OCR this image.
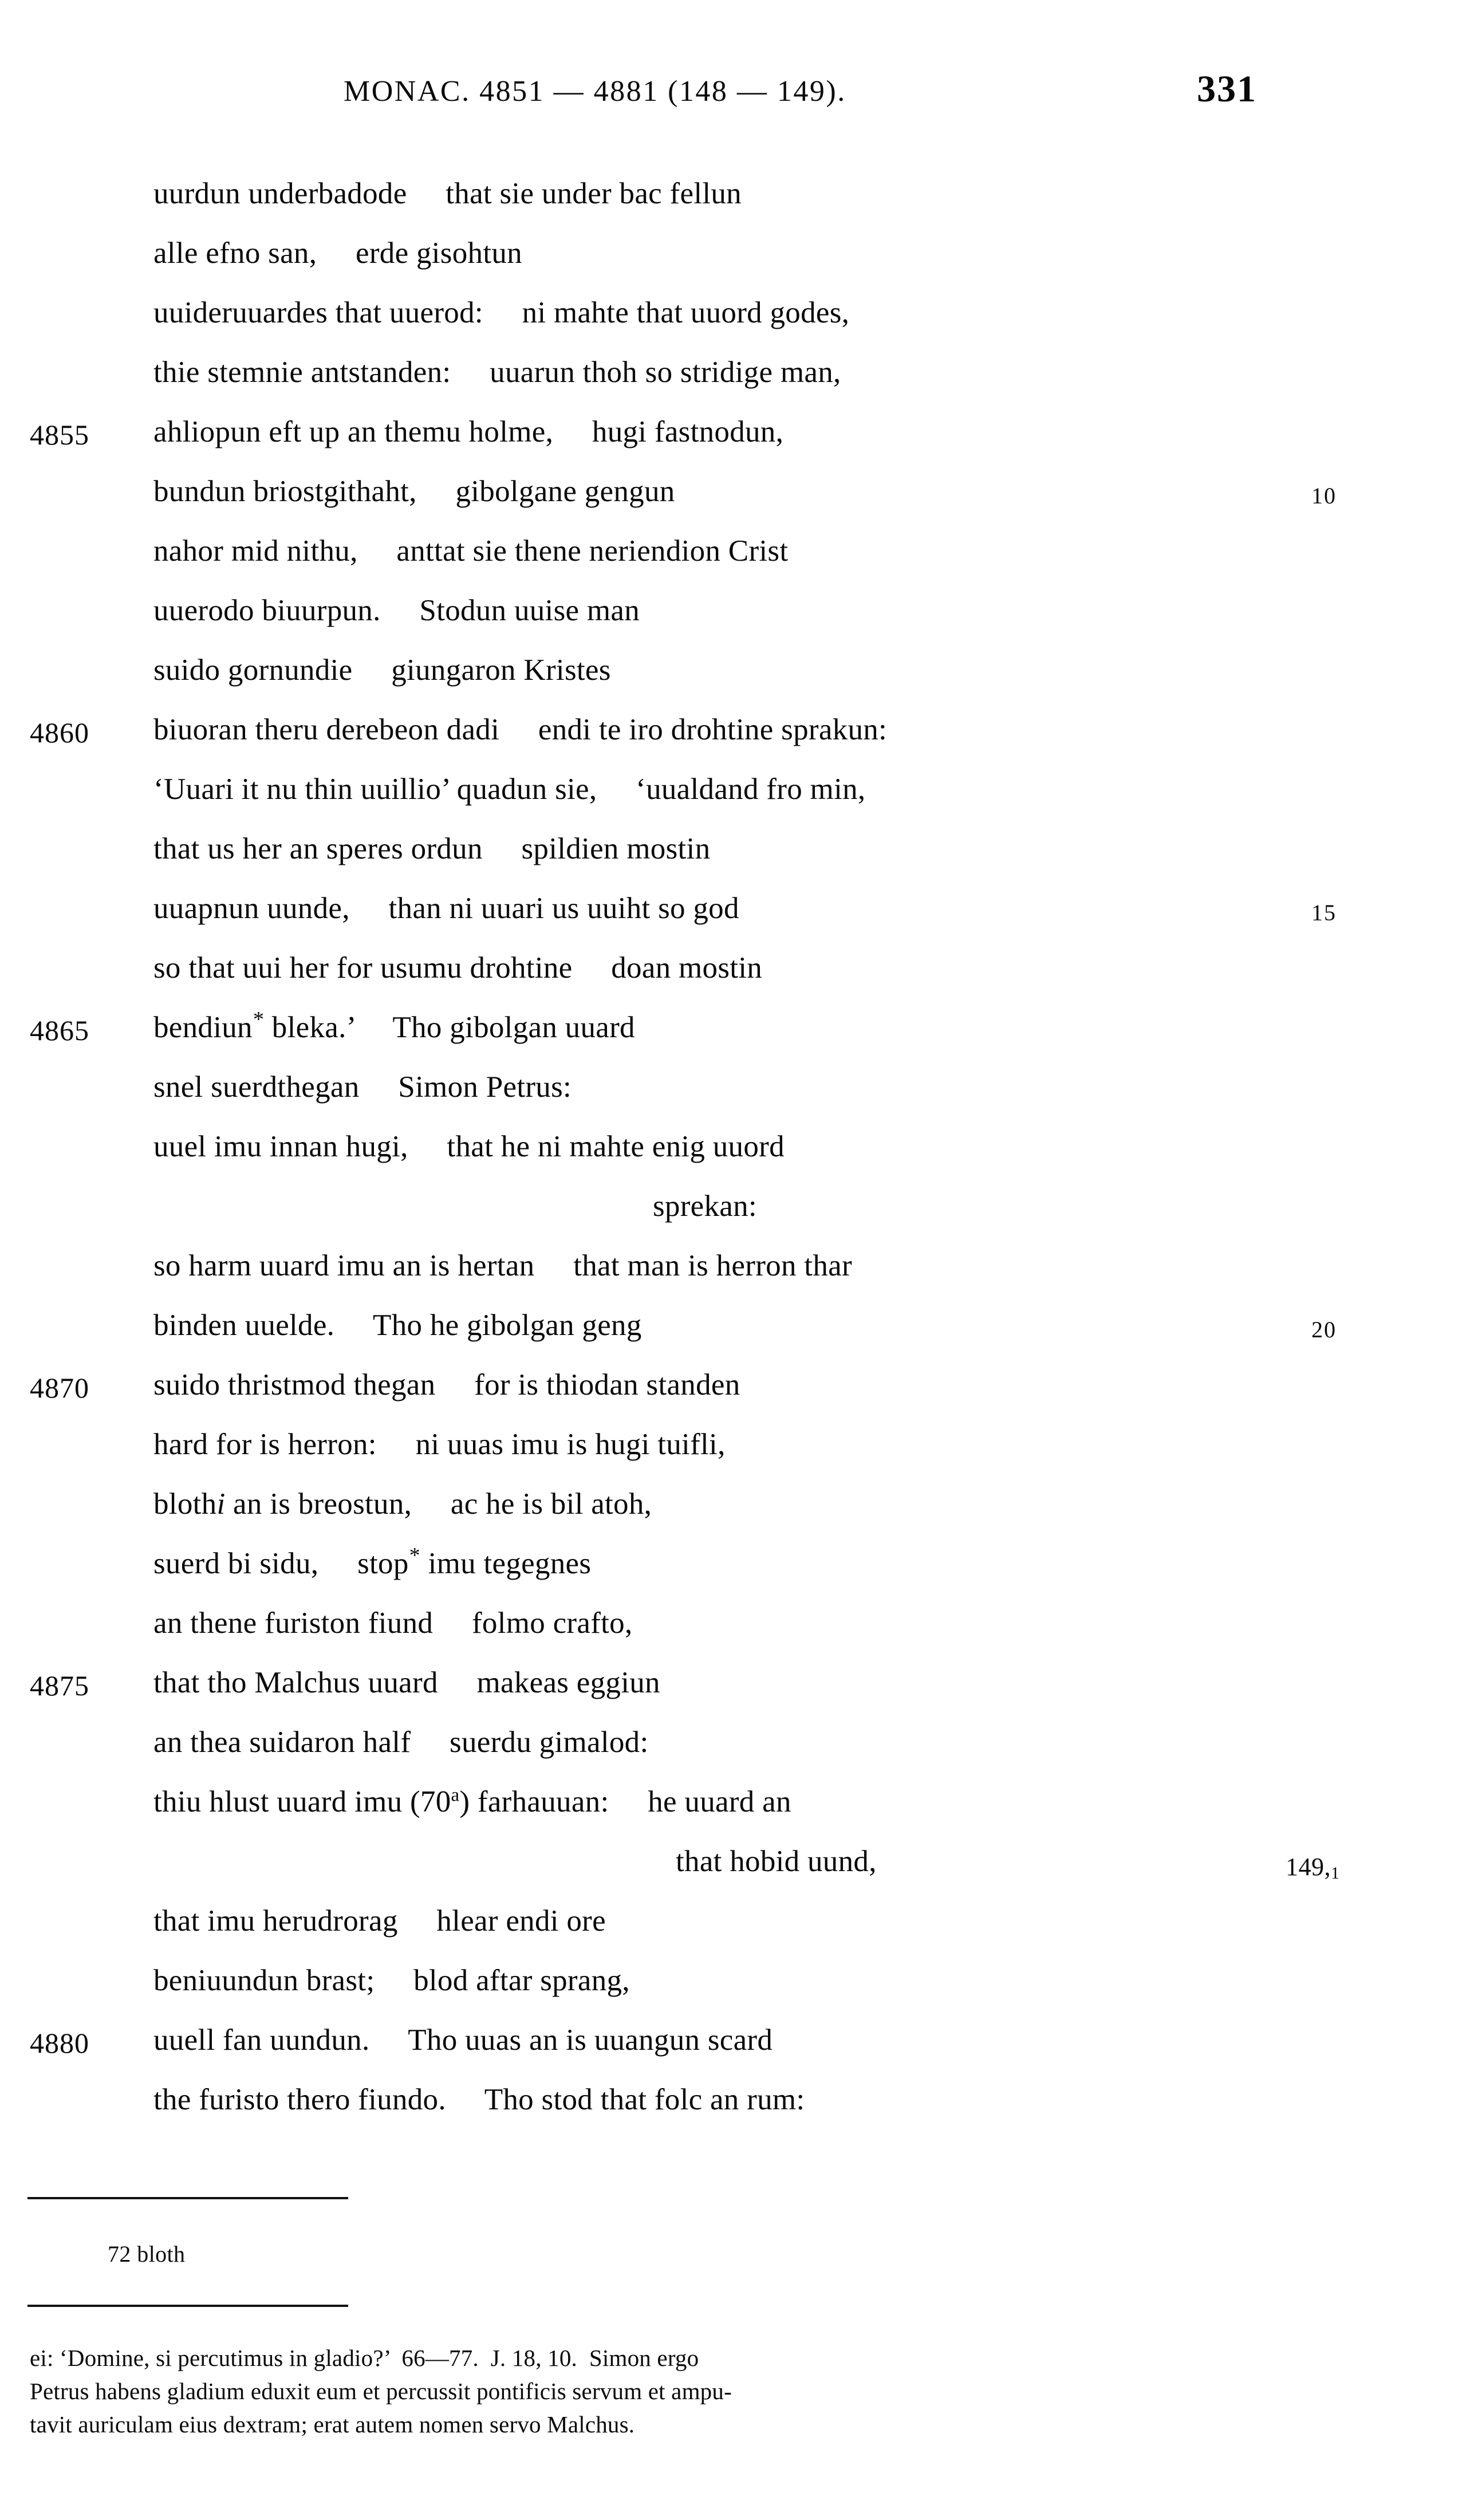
MONAC. 4851 — 4881 (148 — 149).	331
uurdun underbadode     that sie under bac fellun
alle efno san,     erde gisohtun
uuideruuardes that uuerod:     ni mahte that uuord godes,
thie stemnie antstanden:     uuarun thoh so stridige man,
4855 ahliopun eft up an themu holme,     hugi fastnodun,
bundun briostgithaht,     gibolgane gengun	10
nahor mid nithu,     anttat sie thene neriendion Crist
uuerodo biuurpun.     Stodun uuise man
suido gornundie     giungaron Kristes
4860 biuoran theru derebeon dadi     endi te iro drohtine sprakun:
‘Uuari it nu thin uuillio’ quadun sie,     ‘uualdand fro min,
that us her an speres ordun     spildien mostin
uuapnun uunde,     than ni uuari us uuiht so god	15
so that uui her for usumu drohtine     doan mostin
4865 bendiun* bleka.’     Tho gibolgan uuard
snel suerdthegan     Simon Petrus:
uuel imu innan hugi,     that he ni mahte enig uuord
sprekan:
so harm uuard imu an is hertan     that man is herron thar
binden uuelde.     Tho he gibolgan geng	20
4870 suido thristmod thegan     for is thiodan standen
hard for is herron:     ni uuas imu is hugi tuifli,
blothi an is breostun,     ac he is bil atoh,
suerd bi sidu,     stop* imu tegegnes
an thene furiston fiund     folmo crafto,
4875 that tho Malchus uuard     makeas eggiun
an thea suidaron half     suerdu gimalod:
thiu hlust uuard imu (70$^a$) farhauuan:     he uuard an
that hobid uund,	149,1
that imu herudrorag     hlear endi ore
beniuundun brast;     blod aftar sprang,
4880 uuell fan uundun.     Tho uuas an is uuangun scard
the furisto thero fiundo.     Tho stod that folc an rum:
72 bloth
ei: ‘Domine, si percutimus in gladio?’  66—77.  J. 18, 10.  Simon ergo
Petrus habens gladium eduxit eum et percussit pontificis servum et ampu-
tavit auriculam eius dextram; erat autem nomen servo Malchus.
